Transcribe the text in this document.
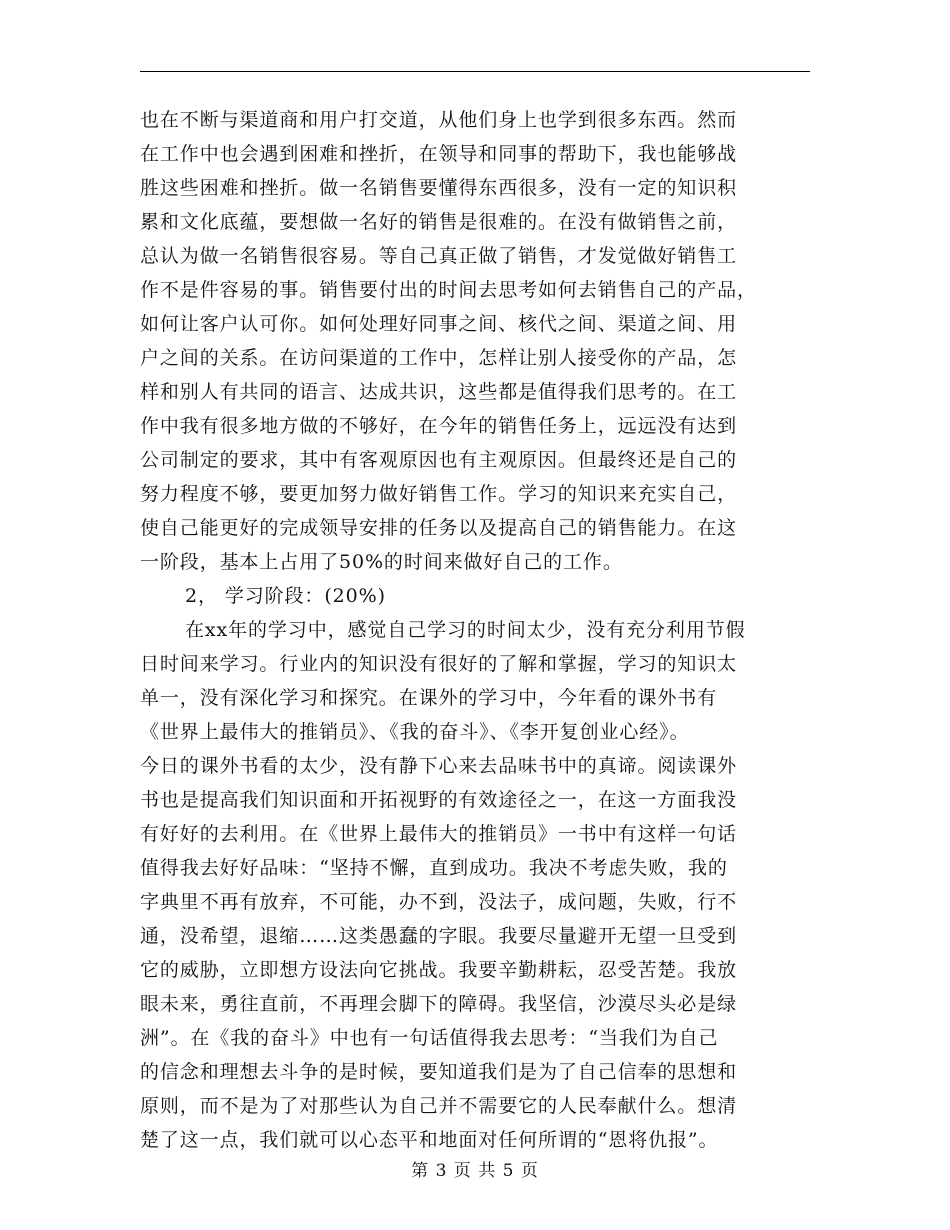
也在不断与渠道商和用户打交道，从他们身上也学到很多东西。然而
在工作中也会遇到困难和挫折，在领导和同事的帮助下，我也能够战
胜这些困难和挫折。做一名销售要懂得东西很多，没有一定的知识积
累和文化底蕴，要想做一名好的销售是很难的。在没有做销售之前，
总认为做一名销售很容易。等自己真正做了销售，才发觉做好销售工
作不是件容易的事。销售要付出的时间去思考如何去销售自己的产品，
如何让客户认可你。如何处理好同事之间、核代之间、渠道之间、用
户之间的关系。在访问渠道的工作中，怎样让别人接受你的产品，怎
样和别人有共同的语言、达成共识，这些都是值得我们思考的。在工
作中我有很多地方做的不够好，在今年的销售任务上，远远没有达到
公司制定的要求，其中有客观原因也有主观原因。但最终还是自己的
努力程度不够，要更加努力做好销售工作。学习的知识来充实自己，
使自己能更好的完成领导安排的任务以及提高自己的销售能力。在这
一阶段，基本上占用了50%的时间来做好自己的工作。
2， 学习阶段：(20%)
在xx年的学习中，感觉自己学习的时间太少，没有充分利用节假
日时间来学习。行业内的知识没有很好的了解和掌握，学习的知识太
单一，没有深化学习和探究。在课外的学习中，今年看的课外书有
《世界上最伟大的推销员》、《我的奋斗》、《李开复创业心经》。
今日的课外书看的太少，没有静下心来去品味书中的真谛。阅读课外
书也是提高我们知识面和开拓视野的有效途径之一，在这一方面我没
有好好的去利用。在《世界上最伟大的推销员》一书中有这样一句话
值得我去好好品味：“坚持不懈，直到成功。我决不考虑失败，我的
字典里不再有放弃，不可能，办不到，没法子，成问题，失败，行不
通，没希望，退缩……这类愚蠢的字眼。我要尽量避开无望一旦受到
它的威胁，立即想方设法向它挑战。我要辛勤耕耘，忍受苦楚。我放
眼未来，勇往直前，不再理会脚下的障碍。我坚信，沙漠尽头必是绿
洲”。在《我的奋斗》中也有一句话值得我去思考：“当我们为自己
的信念和理想去斗争的是时候，要知道我们是为了自己信奉的思想和
原则，而不是为了对那些认为自己并不需要它的人民奉献什么。想清
楚了这一点，我们就可以心态平和地面对任何所谓的“恩将仇报”。
第 3 页 共 5 页
